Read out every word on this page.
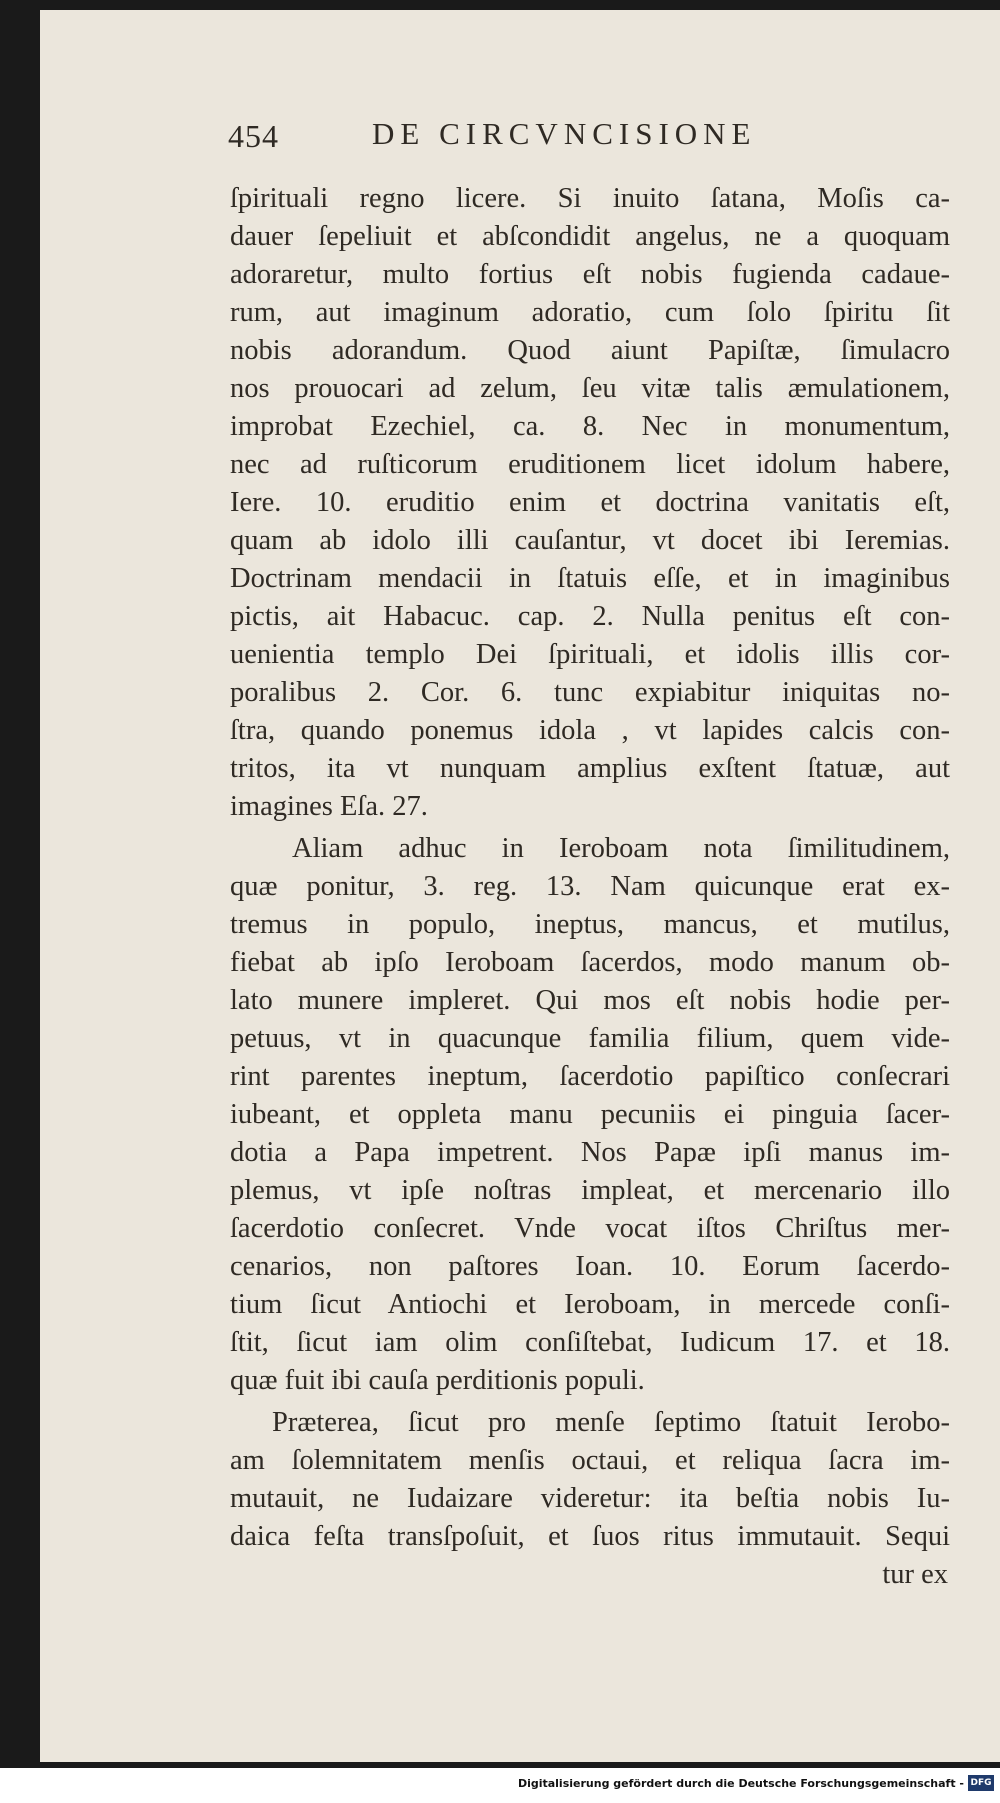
454	DE CIRCVNCISIONE
ſpirituali regno licere. Si inuito ſatana, Moſis ca-
dauer ſepeliuit et abſcondidit angelus, ne a quoquam
adoraretur, multo fortius eſt nobis fugienda cadaue-
rum, aut imaginum adoratio, cum ſolo ſpiritu ſit
nobis adorandum. Quod aiunt Papiſtæ, ſimulacro
nos prouocari ad zelum, ſeu vitæ talis æmulationem,
improbat Ezechiel, ca. 8. Nec in monumentum,
nec ad ruſticorum eruditionem licet idolum habere,
Iere. 10. eruditio enim et doctrina vanitatis eſt,
quam ab idolo illi cauſantur, vt docet ibi Ieremias.
Doctrinam mendacii in ſtatuis eſſe, et in imaginibus
pictis, ait Habacuc. cap. 2. Nulla penitus eſt con-
uenientia templo Dei ſpirituali, et idolis illis cor-
poralibus 2. Cor. 6. tunc expiabitur iniquitas no-
ſtra, quando ponemus idola , vt lapides calcis con-
tritos, ita vt nunquam amplius exſtent ſtatuæ, aut
imagines Eſa. 27.
Aliam adhuc in Ieroboam nota ſimilitudinem,
quæ ponitur, 3. reg. 13. Nam quicunque erat ex-
tremus in populo, ineptus, mancus, et mutilus,
fiebat ab ipſo Ieroboam ſacerdos, modo manum ob-
lato munere impleret. Qui mos eſt nobis hodie per-
petuus, vt in quacunque familia filium, quem vide-
rint parentes ineptum, ſacerdotio papiſtico conſecrari
iubeant, et oppleta manu pecuniis ei pinguia ſacer-
dotia a Papa impetrent. Nos Papæ ipſi manus im-
plemus, vt ipſe noſtras impleat, et mercenario illo
ſacerdotio conſecret. Vnde vocat iſtos Chriſtus mer-
cenarios, non paſtores Ioan. 10. Eorum ſacerdo-
tium ſicut Antiochi et Ieroboam, in mercede conſi-
ſtit, ſicut iam olim conſiſtebat, Iudicum 17. et 18.
quæ fuit ibi cauſa perditionis populi.
Præterea, ſicut pro menſe ſeptimo ſtatuit Ierobo-
am ſolemnitatem menſis octaui, et reliqua ſacra im-
mutauit, ne Iudaizare videretur: ita beſtia nobis Iu-
daica feſta transſpoſuit, et ſuos ritus immutauit. Sequi
tur ex
Digitalisierung gefördert durch die Deutsche Forschungsgemeinschaft - DFG
